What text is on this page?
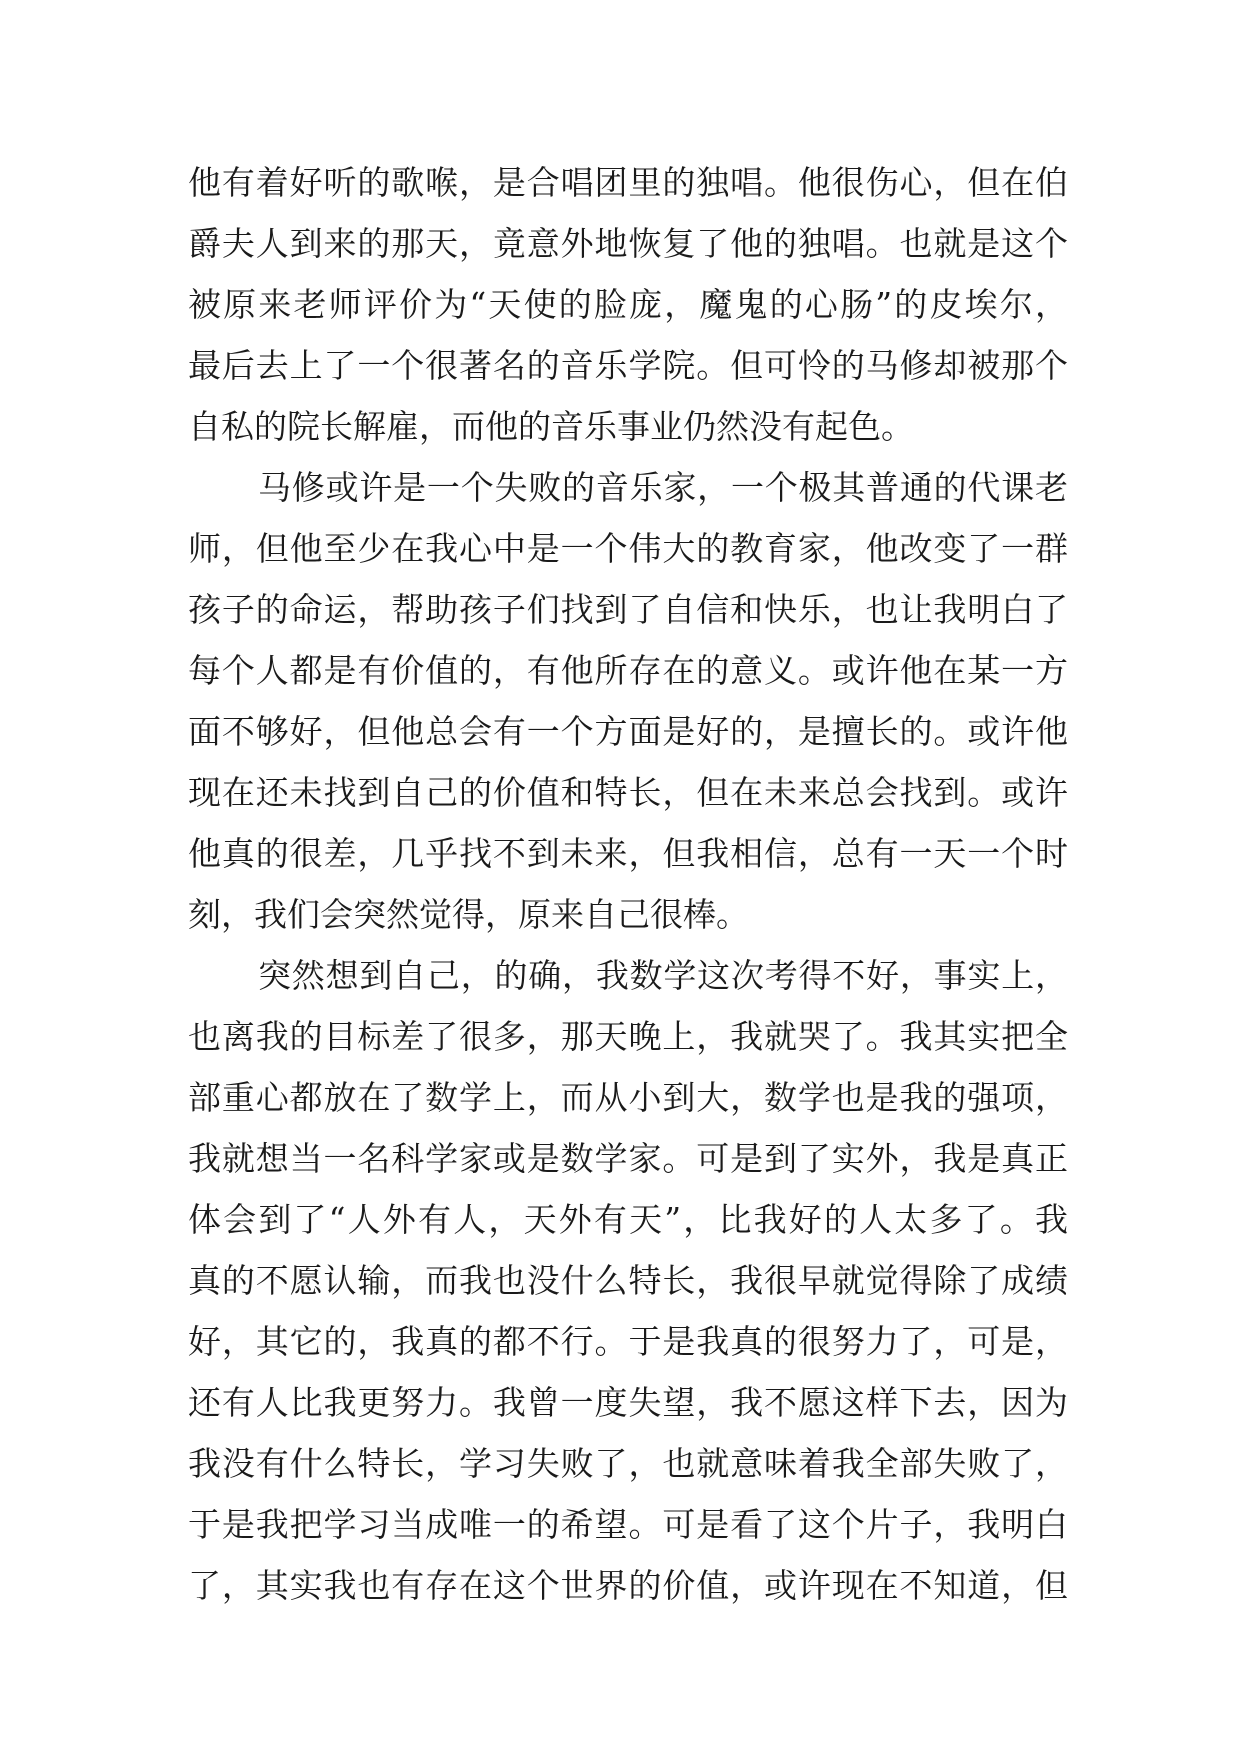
他有着好听的歌喉，是合唱团里的独唱。他很伤心，但在伯
爵夫人到来的那天，竟意外地恢复了他的独唱。也就是这个
被原来老师评价为“天使的脸庞，魔鬼的心肠”的皮埃尔，
最后去上了一个很著名的音乐学院。但可怜的马修却被那个
自私的院长解雇，而他的音乐事业仍然没有起色。
马修或许是一个失败的音乐家，一个极其普通的代课老
师，但他至少在我心中是一个伟大的教育家，他改变了一群
孩子的命运，帮助孩子们找到了自信和快乐，也让我明白了
每个人都是有价值的，有他所存在的意义。或许他在某一方
面不够好，但他总会有一个方面是好的，是擅长的。或许他
现在还未找到自己的价值和特长，但在未来总会找到。或许
他真的很差，几乎找不到未来，但我相信，总有一天一个时
刻，我们会突然觉得，原来自己很棒。
突然想到自己，的确，我数学这次考得不好，事实上，
也离我的目标差了很多，那天晚上，我就哭了。我其实把全
部重心都放在了数学上，而从小到大，数学也是我的强项，
我就想当一名科学家或是数学家。可是到了实外，我是真正
体会到了“人外有人，天外有天”，比我好的人太多了。我
真的不愿认输，而我也没什么特长，我很早就觉得除了成绩
好，其它的，我真的都不行。于是我真的很努力了，可是，
还有人比我更努力。我曾一度失望，我不愿这样下去，因为
我没有什么特长，学习失败了，也就意味着我全部失败了，
于是我把学习当成唯一的希望。可是看了这个片子，我明白
了，其实我也有存在这个世界的价值，或许现在不知道，但
